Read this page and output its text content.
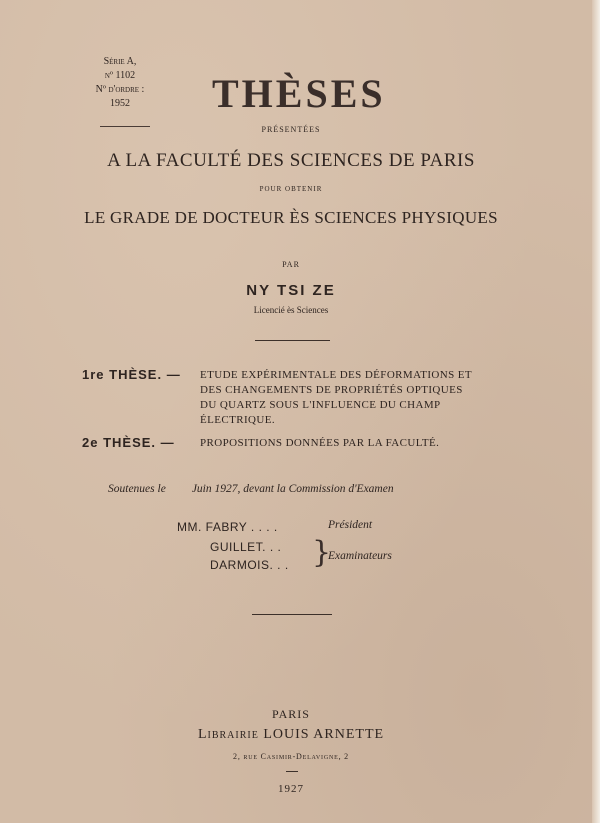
Série A,
nº 1102
Nº d'ordre :
1952	THÈSES
PRÉSENTÉES
A LA FACULTÉ DES SCIENCES DE PARIS
POUR OBTENIR
LE GRADE DE DOCTEUR ÈS SCIENCES PHYSIQUES
PAR
NY TSI ZE
Licencié ès Sciences
1re THÈSE. — ETUDE EXPÉRIMENTALE DES DÉFORMATIONS ET
DES CHANGEMENTS DE PROPRIÉTÉS OPTIQUES
DU QUARTZ SOUS L'INFLUENCE DU CHAMP
ÉLECTRIQUE.
2e THÈSE. — PROPOSITIONS DONNÉES PAR LA FACULTÉ.
Soutenues le Juin 1927, devant la Commission d'Examen
MM. FABRY . . . .	Président
GUILLET. . .
DARMOIS. . . }
Examinateurs
PARIS
Librairie LOUIS ARNETTE
2, rue Casimir-Delavigne, 2
1927
